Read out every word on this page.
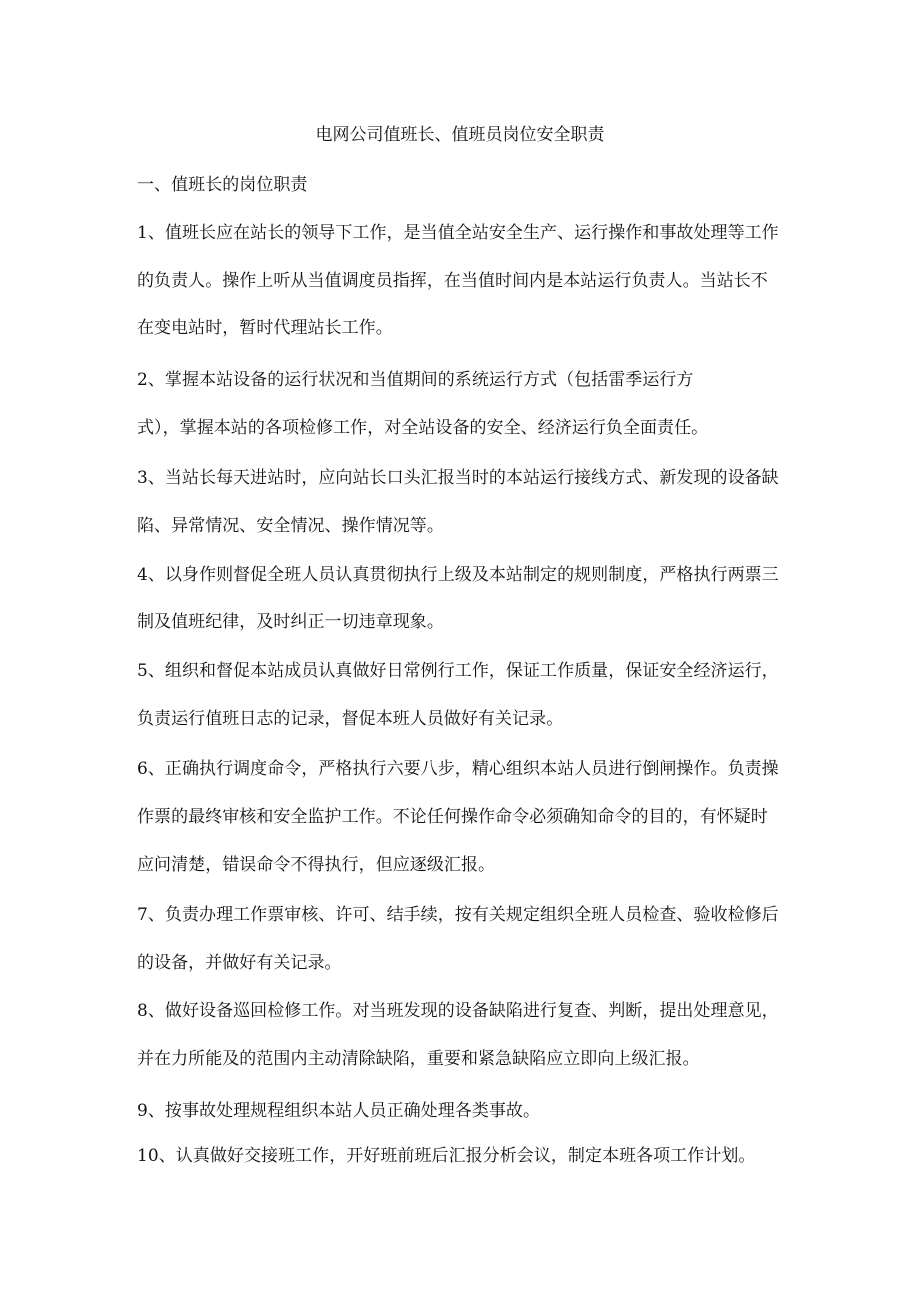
电网公司值班长、值班员岗位安全职责
一、值班长的岗位职责
1、值班长应在站长的领导下工作，是当值全站安全生产、运行操作和事故处理等工作
的负责人。操作上听从当值调度员指挥，在当值时间内是本站运行负责人。当站长不
在变电站时，暂时代理站长工作。
2、掌握本站设备的运行状况和当值期间的系统运行方式（包括雷季运行方
式），掌握本站的各项检修工作，对全站设备的安全、经济运行负全面责任。
3、当站长每天进站时，应向站长口头汇报当时的本站运行接线方式、新发现的设备缺
陷、异常情况、安全情况、操作情况等。
4、以身作则督促全班人员认真贯彻执行上级及本站制定的规则制度，严格执行两票三
制及值班纪律，及时纠正一切违章现象。
5、组织和督促本站成员认真做好日常例行工作，保证工作质量，保证安全经济运行，
负责运行值班日志的记录，督促本班人员做好有关记录。
6、正确执行调度命令，严格执行六要八步，精心组织本站人员进行倒闸操作。负责操
作票的最终审核和安全监护工作。不论任何操作命令必须确知命令的目的，有怀疑时
应问清楚，错误命令不得执行，但应逐级汇报。
7、负责办理工作票审核、许可、结手续，按有关规定组织全班人员检查、验收检修后
的设备，并做好有关记录。
8、做好设备巡回检修工作。对当班发现的设备缺陷进行复查、判断，提出处理意见，
并在力所能及的范围内主动清除缺陷，重要和紧急缺陷应立即向上级汇报。
9、按事故处理规程组织本站人员正确处理各类事故。
10、认真做好交接班工作，开好班前班后汇报分析会议，制定本班各项工作计划。
